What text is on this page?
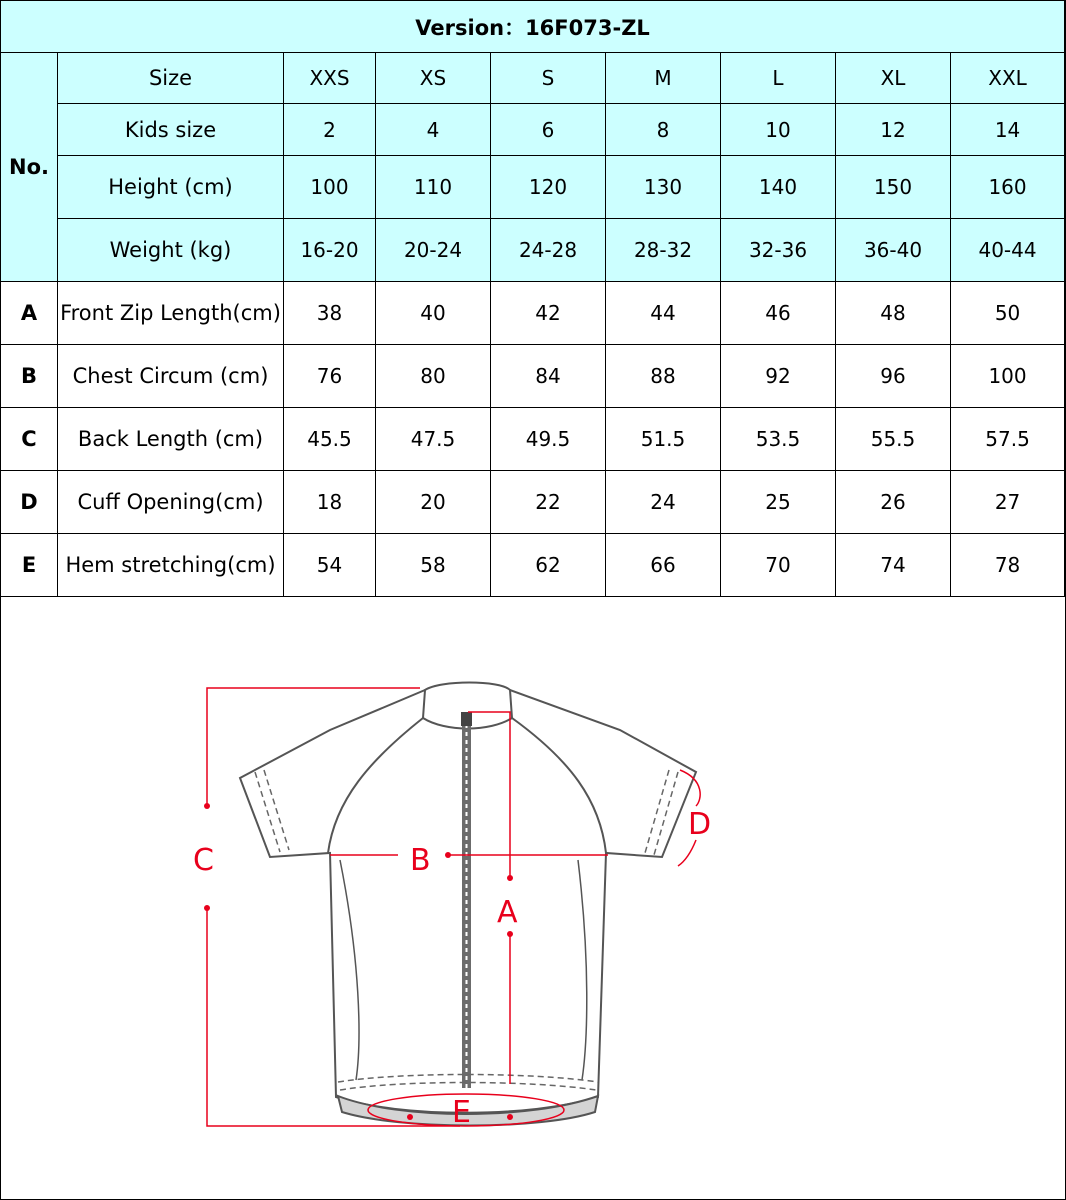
Version：16F073-ZL								
No.	Size	XXS	XS	S	M	L	XL	XXL
	Kids size	2	4	6	8	10	12	14
	Height (cm)	100	110	120	130	140	150	160
	Weight (kg)	16-20	20-24	24-28	28-32	32-36	36-40	40-44
A	Front Zip Length(cm)	38	40	42	44	46	48	50
B	Chest Circum (cm)	76	80	84	88	92	96	100
C	Back Length (cm)	45.5	47.5	49.5	51.5	53.5	55.5	57.5
D	Cuff Opening(cm)	18	20	22	24	25	26	27
E	Hem stretching(cm)	54	58	62	66	70	74	78
C	B
A
D
E
